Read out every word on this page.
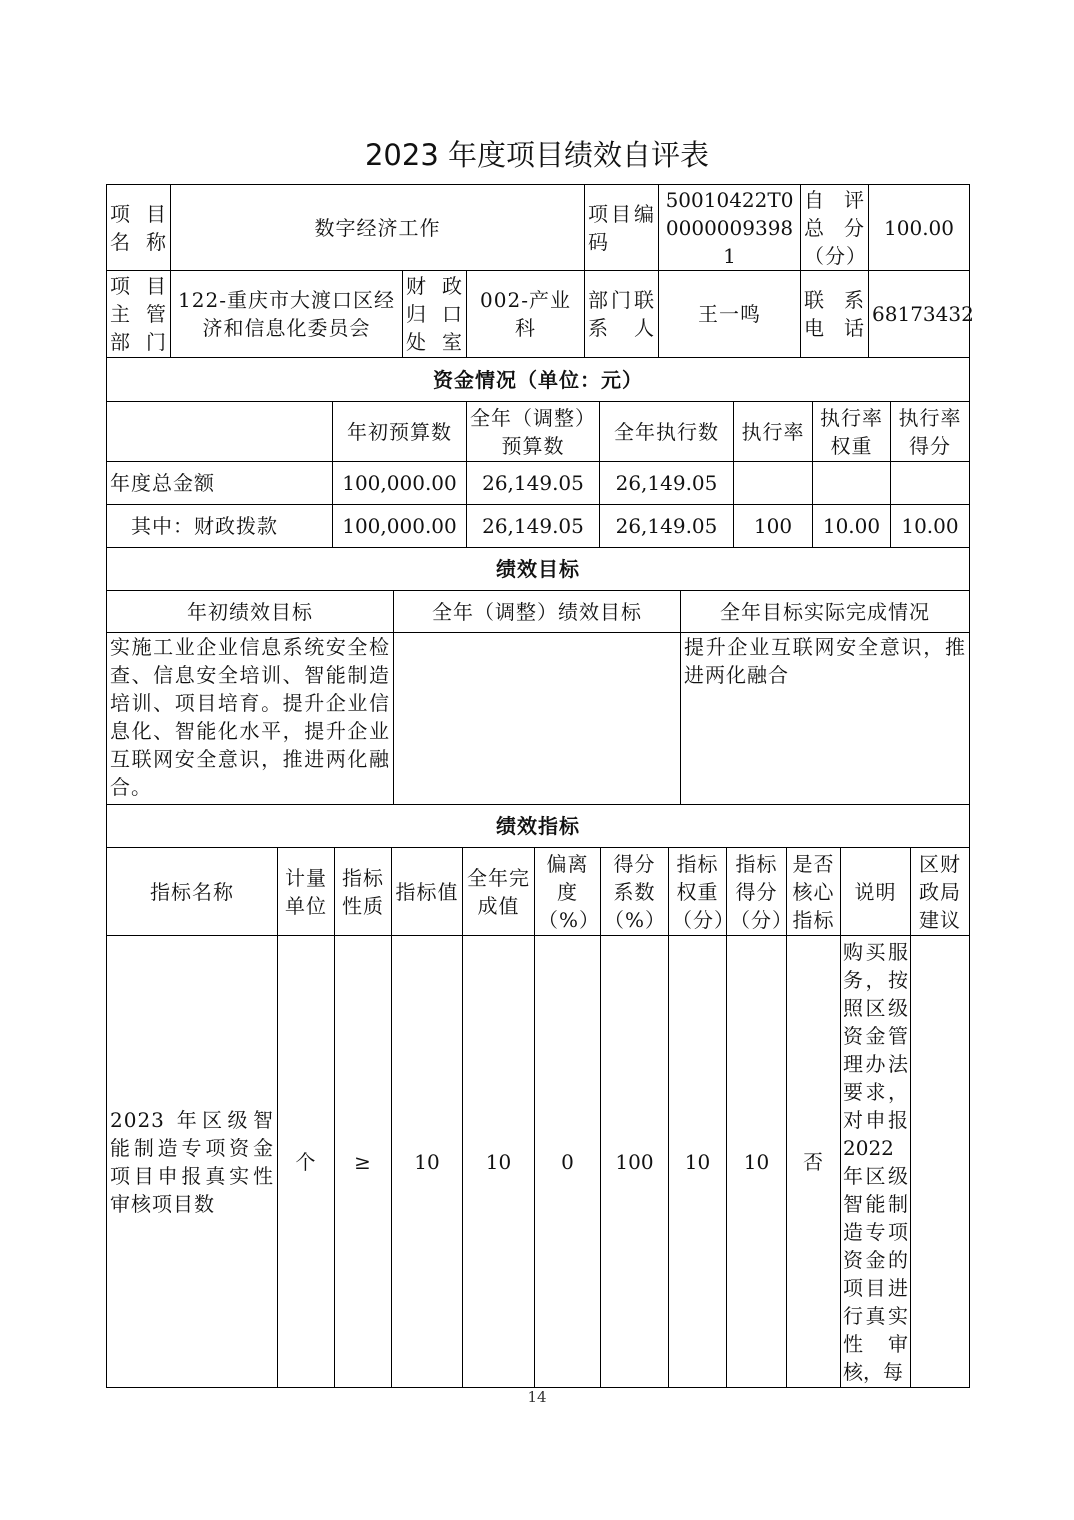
2023 年度项目绩效自评表
项目名称	数字经济工作			项目编码	50010422T000000093981	自评总分（分）	100.00
项目主管部门	122-重庆市大渡口区经济和信息化委员会	财政归口处室	002-产业科	部门联系人	王一鸣	联系电话	68173432
资金情况（单位：元）						
	年初预算数	全年（调整）预算数	全年执行数	执行率	执行率权重	执行率得分
年度总金额	100,000.00	26,149.05	26,149.05			
其中：财政拨款	100,000.00	26,149.05	26,149.05	100	10.00	10.00
绩效目标		
年初绩效目标	全年（调整）绩效目标	全年目标实际完成情况
实施工业企业信息系统安全检查、信息安全培训、智能制造培训、项目培育。提升企业信息化、智能化水平，提升企业互联网安全意识，推进两化融合。		提升企业互联网安全意识，推进两化融合
绩效指标											
指标名称	计量单位	指标性质	指标值	全年完成值	偏离度（%）	得分系数（%）	指标权重（分）	指标得分（分）	是否核心指标	说明	区财政局建议
2023 年区级智能制造专项资金项目申报真实性审核项目数	个	≥	10	10	0	100	10	10	否	购买服务，按照区级资金管理办法要求，对申报2022年区级智能制造专项资金的项目进行真实性审核，每	
14
